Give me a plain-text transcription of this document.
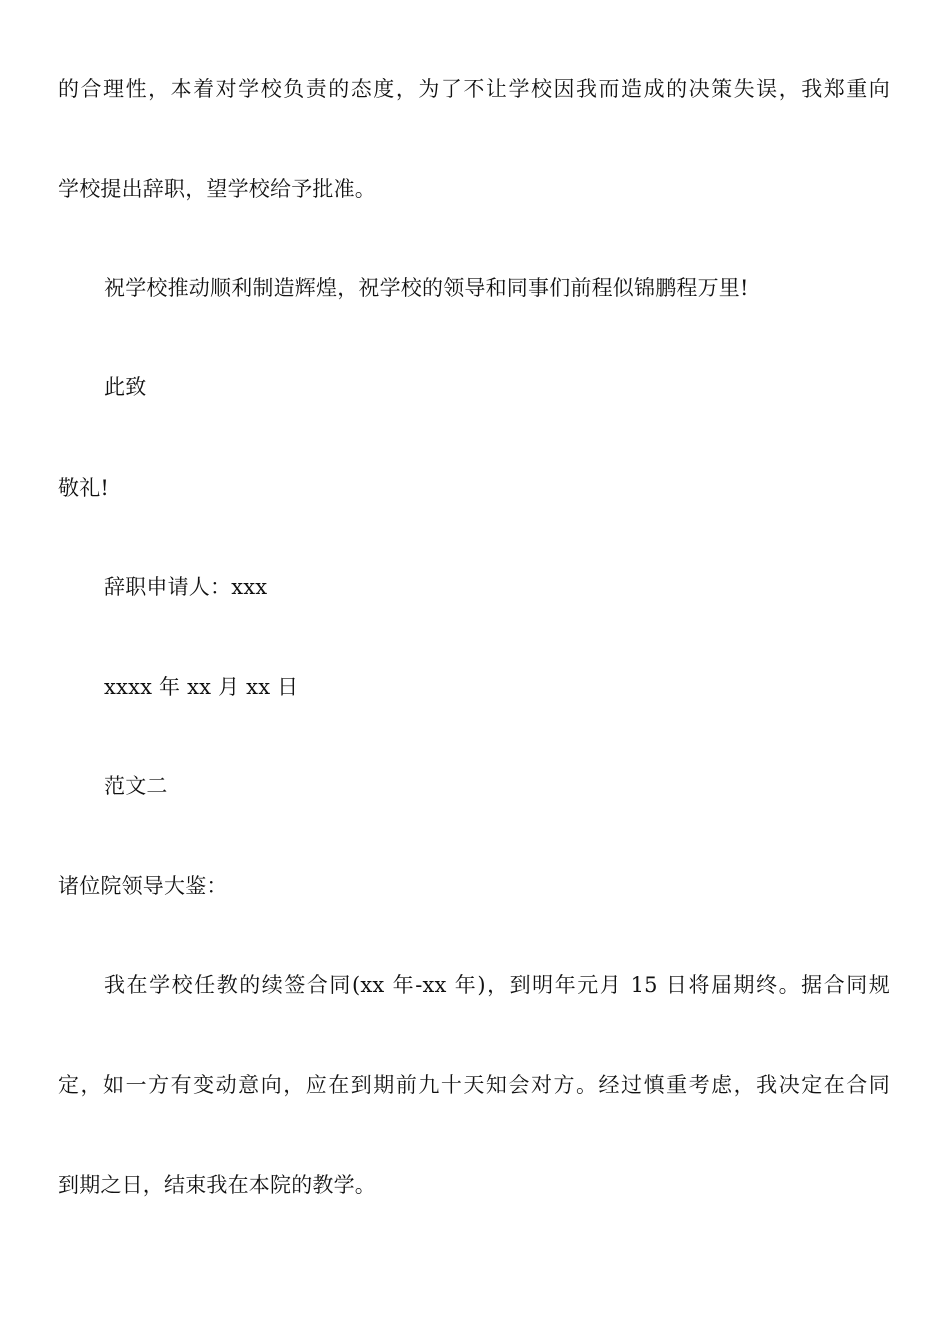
的合理性，本着对学校负责的态度，为了不让学校因我而造成的决策失误，我郑重向
学校提出辞职，望学校给予批准。
祝学校推动顺利制造辉煌，祝学校的领导和同事们前程似锦鹏程万里!
此致
敬礼!
辞职申请人：xxx
xxxx 年 xx 月 xx 日
范文二
诸位院领导大鉴：
我在学校任教的续签合同(xx 年-xx 年)，到明年元月 15 日将届期终。据合同规
定，如一方有变动意向，应在到期前九十天知会对方。经过慎重考虑，我决定在合同
到期之日，结束我在本院的教学。
